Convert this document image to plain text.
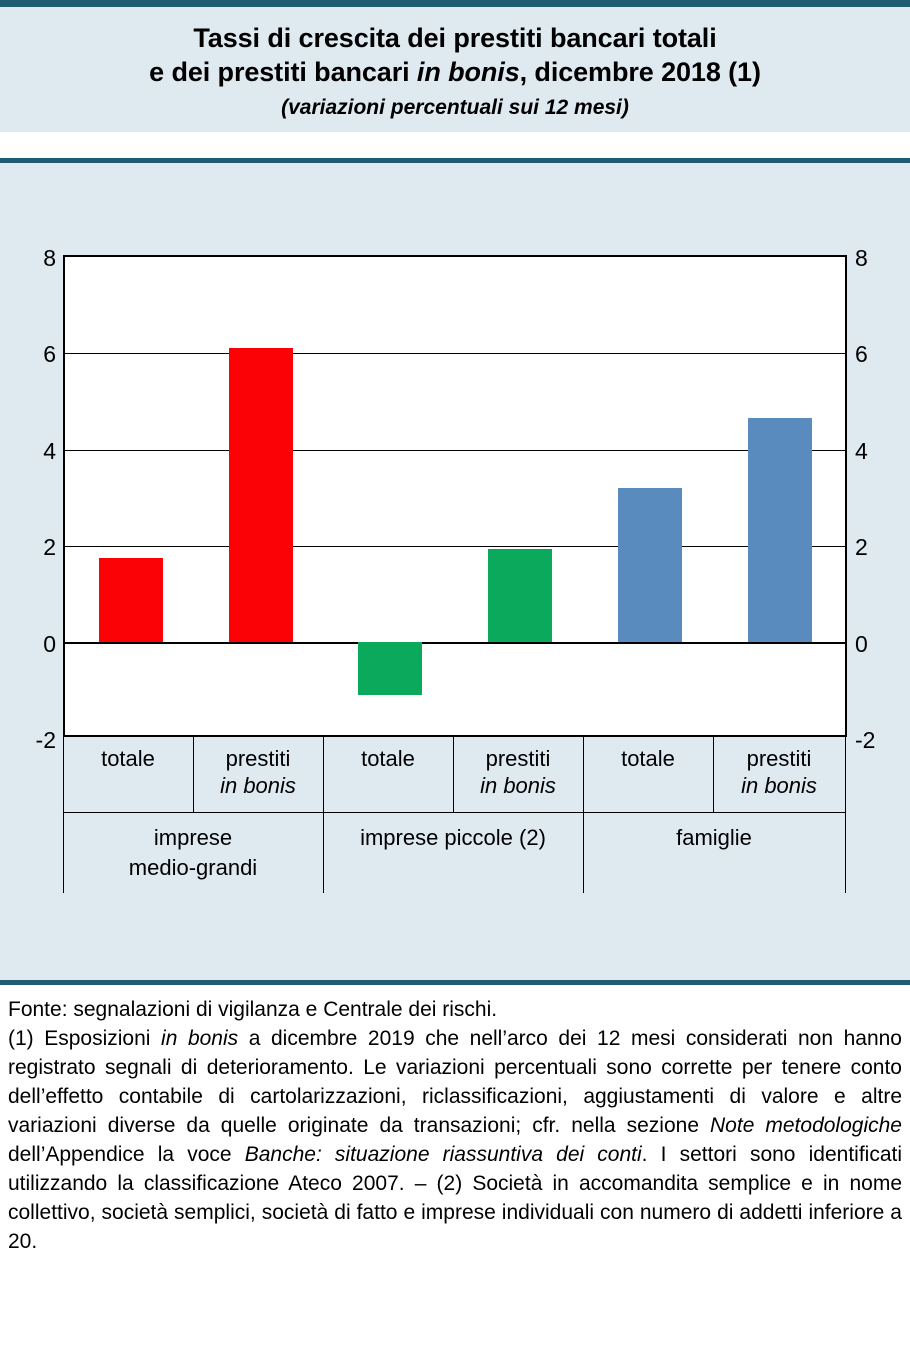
Tassi di crescita dei prestiti bancari totali
e dei prestiti bancari in bonis, dicembre 2018 (1)
(variazioni percentuali sui 12 mesi)
8
6
4
2
0
-2
8
6
4
2
0
-2
totale	prestiti
in bonis
totale	prestiti
in bonis
totale	prestiti
in bonis
imprese
medio-grandi
imprese piccole (2)	famiglie

Fonte: segnalazioni di vigilanza e Centrale dei rischi.

(1) Esposizioni in bonis a dicembre 2019 che nell’arco dei 12 mesi considerati non hanno registrato segnali di deterioramento. Le variazioni percentuali sono corrette per tenere conto dell’effetto contabile di cartolarizzazioni, riclassificazioni, aggiustamenti di valore e altre variazioni diverse da quelle originate da transazioni; cfr. nella sezione Note metodologiche dell’Appendice la voce Banche: situazione riassuntiva dei conti. I settori sono identificati utilizzando la classificazione Ateco 2007. – (2) Società in accomandita semplice e in nome collettivo, società semplici, società di fatto e imprese individuali con numero di addetti inferiore a 20.
